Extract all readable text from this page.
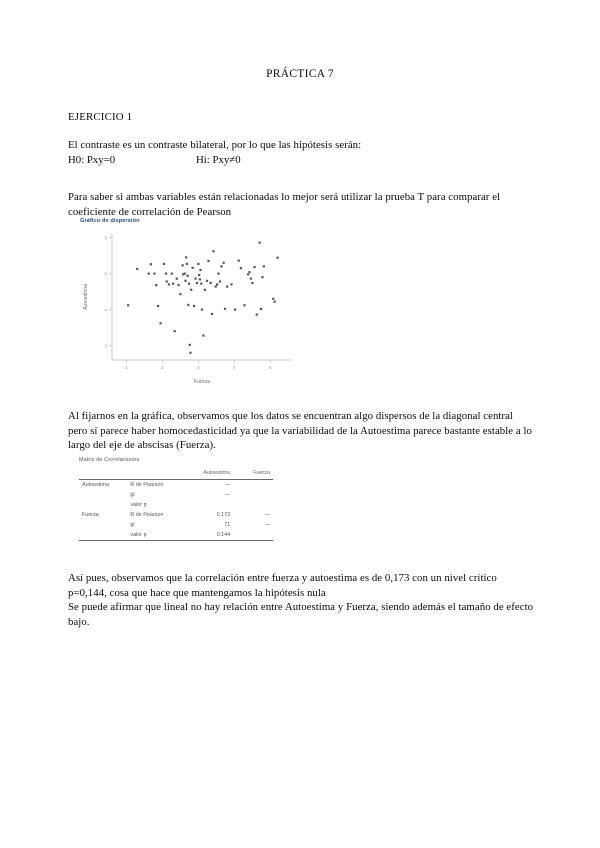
PRÁCTICA 7
EJERCICIO 1
El contraste es un contraste bilateral, por lo que las hipótesis serán:
H0: Pxy=0	Hi: Pxy≠0
Para saber si ambas variables están relacionadas lo mejor será utilizar la prueba T para comparar el coeficiente de correlación de Pearson
Gráfico de dispersión
3
4
5
6
1	2	3	4	5
Fuerza
Autoestima
Al fijarnos en la gráfica, observamos que los datos se encuentran algo dispersos de la diagonal central pero sí parece haber homocedasticidad ya que la variabilidad de la Autoestima parece bastante estable a lo largo del eje de abscisas (Fuerza).
Matriz de Correlaciones
		Autoestima	Fuerza
Autoestima	R de Pearson	—	
	gl	—	
	valor p		
Fuerza	R de Pearson	0.173	—
	gl	71	—
	valor p	0.144	
Así pues, observamos que la correlación entre fuerza y autoestima es de 0,173 con un nivel crítico p=0,144, cosa que hace que mantengamos la hipótesis nula
Se puede afirmar que lineal no hay relación entre Autoestima y Fuerza, siendo además el tamaño de efecto bajo.
